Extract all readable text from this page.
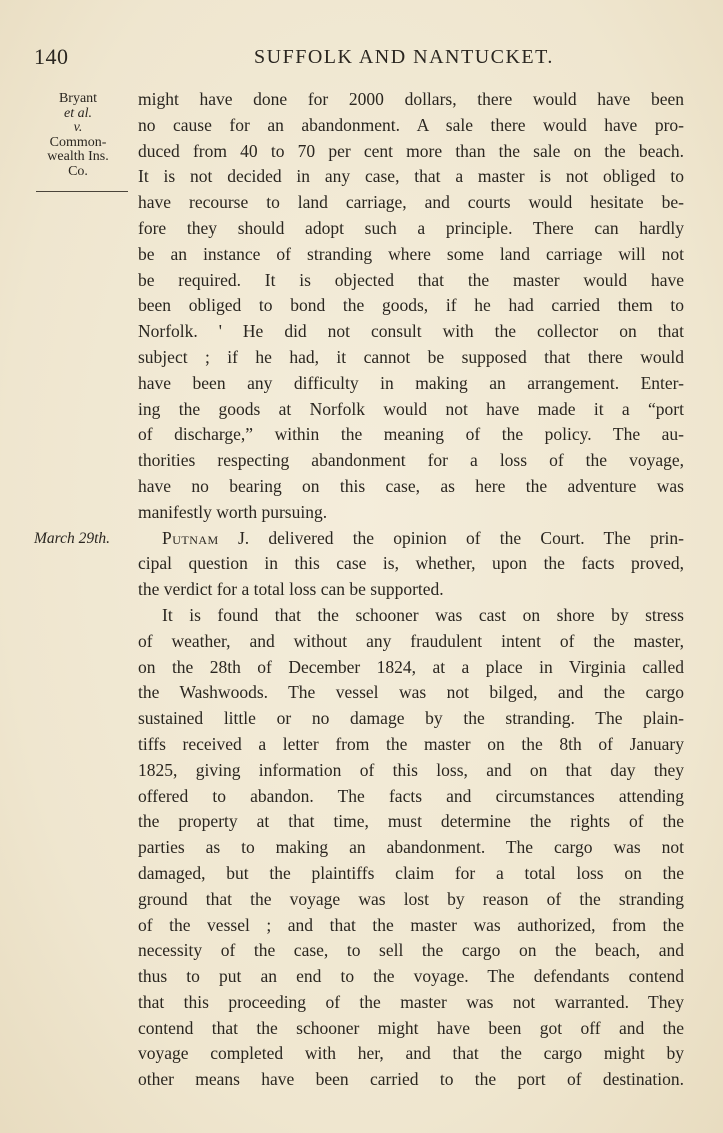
140	SUFFOLK AND NANTUCKET.
Bryant
et al.
v.
Common-
wealth Ins.
Co.
March 29th.
might have done for 2000 dollars, there would have been
no cause for an abandonment. A sale there would have pro-
duced from 40 to 70 per cent more than the sale on the beach.
It is not decided in any case, that a master is not obliged to
have recourse to land carriage, and courts would hesitate be-
fore they should adopt such a principle. There can hardly
be an instance of stranding where some land carriage will not
be required. It is objected that the master would have
been obliged to bond the goods, if he had carried them to
Norfolk. ' He did not consult with the collector on that
subject ; if he had, it cannot be supposed that there would
have been any difficulty in making an arrangement. Enter-
ing the goods at Norfolk would not have made it a “port
of discharge,” within the meaning of the policy. The au-
thorities respecting abandonment for a loss of the voyage,
have no bearing on this case, as here the adventure was
manifestly worth pursuing.
Putnam J. delivered the opinion of the Court. The prin-
cipal question in this case is, whether, upon the facts proved,
the verdict for a total loss can be supported.
It is found that the schooner was cast on shore by stress
of weather, and without any fraudulent intent of the master,
on the 28th of December 1824, at a place in Virginia called
the Washwoods. The vessel was not bilged, and the cargo
sustained little or no damage by the stranding. The plain-
tiffs received a letter from the master on the 8th of January
1825, giving information of this loss, and on that day they
offered to abandon. The facts and circumstances attending
the property at that time, must determine the rights of the
parties as to making an abandonment. The cargo was not
damaged, but the plaintiffs claim for a total loss on the
ground that the voyage was lost by reason of the stranding
of the vessel ; and that the master was authorized, from the
necessity of the case, to sell the cargo on the beach, and
thus to put an end to the voyage. The defendants contend
that this proceeding of the master was not warranted. They
contend that the schooner might have been got off and the
voyage completed with her, and that the cargo might by
other means have been carried to the port of destination.
